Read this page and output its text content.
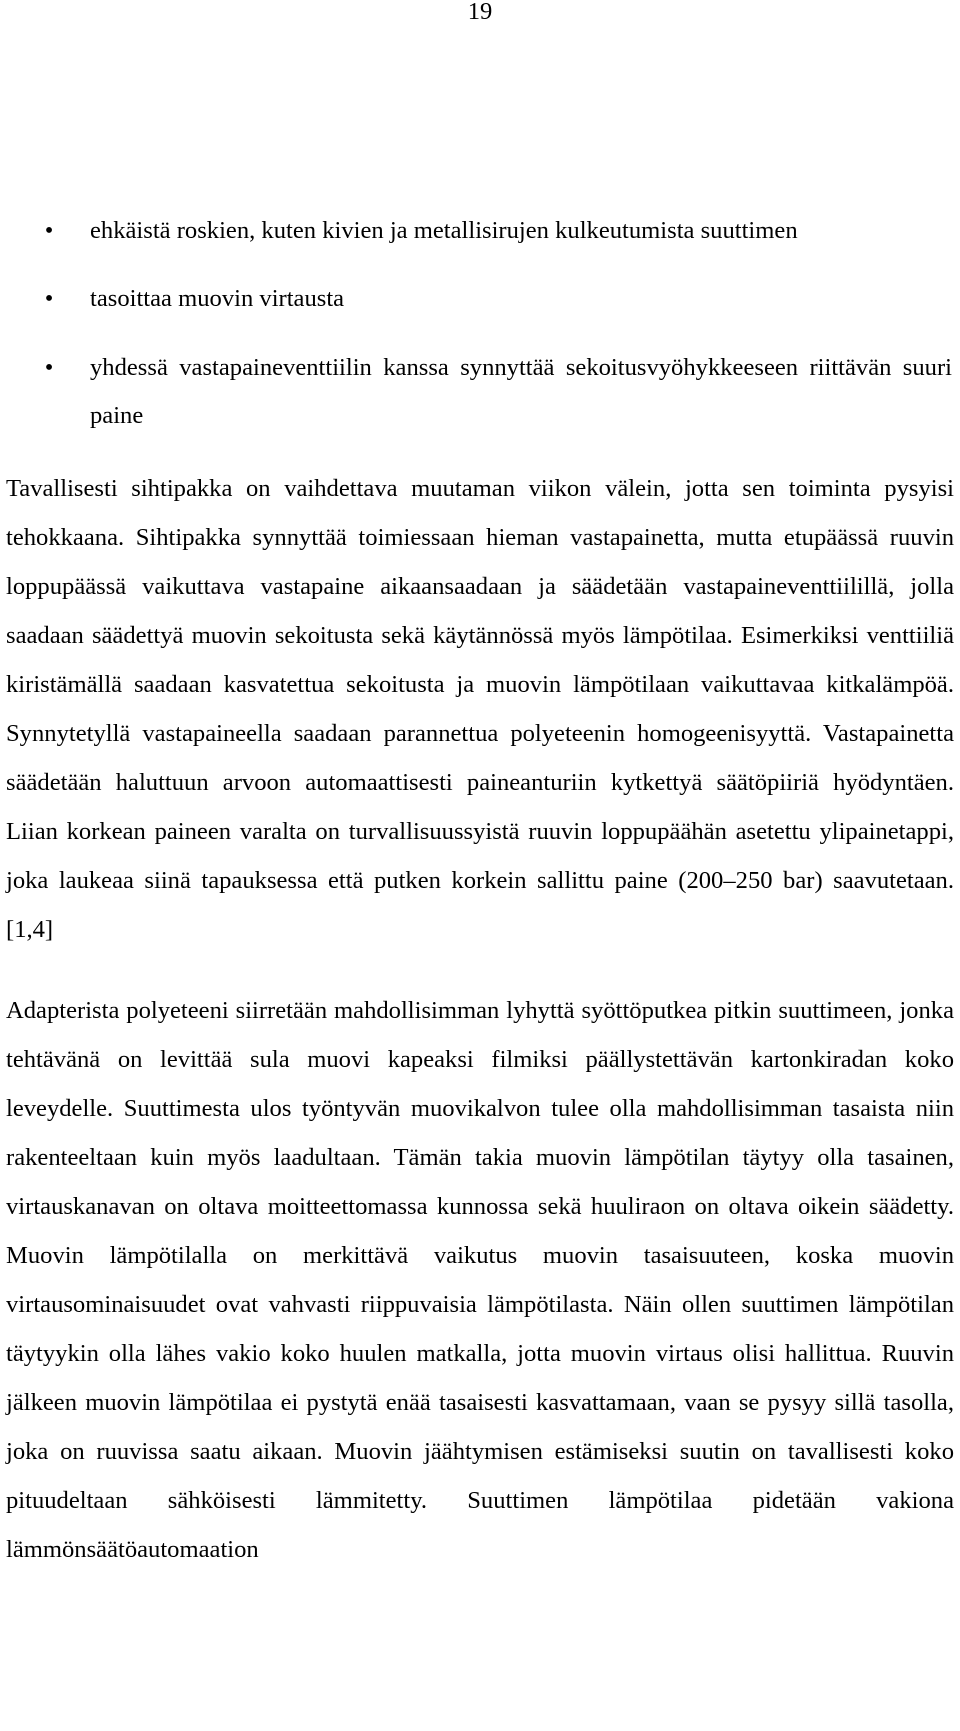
19
• ehkäistä roskien, kuten kivien ja metallisirujen kulkeutumista suuttimen
• tasoittaa muovin virtausta
• yhdessä vastapaineventtiilin kanssa synnyttää sekoitusvyöhykkeeseen riittävän suuri paine

Tavallisesti sihtipakka on vaihdettava muutaman viikon välein, jotta sen toiminta pysyisi tehokkaana. Sihtipakka synnyttää toimiessaan hieman vastapainetta, mutta etupäässä ruuvin loppupäässä vaikuttava vastapaine aikaansaadaan ja säädetään vastapaineventtiilillä, jolla saadaan säädettyä muovin sekoitusta sekä käytännössä myös lämpötilaa. Esimerkiksi venttiiliä kiristämällä saadaan kasvatettua sekoitusta ja muovin lämpötilaan vaikuttavaa kitkalämpöä. Synnytetyllä vastapaineella saadaan parannettua polyeteenin homogeenisyyttä. Vastapainetta säädetään haluttuun arvoon automaattisesti paineanturiin kytkettyä säätöpiiriä hyödyntäen. Liian korkean paineen varalta on turvallisuussyistä ruuvin loppupäähän asetettu ylipainetappi, joka laukeaa siinä tapauksessa että putken korkein sallittu paine (200–250 bar) saavutetaan. [1,4]

Adapterista polyeteeni siirretään mahdollisimman lyhyttä syöttöputkea pitkin suuttimeen, jonka tehtävänä on levittää sula muovi kapeaksi filmiksi päällystettävän kartonkiradan koko leveydelle. Suuttimesta ulos työntyvän muovikalvon tulee olla mahdollisimman tasaista niin rakenteeltaan kuin myös laadultaan. Tämän takia muovin lämpötilan täytyy olla tasainen, virtauskanavan on oltava moitteettomassa kunnossa sekä huuliraon on oltava oikein säädetty. Muovin lämpötilalla on merkittävä vaikutus muovin tasaisuuteen, koska muovin virtausominaisuudet ovat vahvasti riippuvaisia lämpötilasta. Näin ollen suuttimen lämpötilan täytyykin olla lähes vakio koko huulen matkalla, jotta muovin virtaus olisi hallittua. Ruuvin jälkeen muovin lämpötilaa ei pystytä enää tasaisesti kasvattamaan, vaan se pysyy sillä tasolla, joka on ruuvissa saatu aikaan. Muovin jäähtymisen estämiseksi suutin on tavallisesti koko pituudeltaan sähköisesti lämmitetty. Suuttimen lämpötilaa pidetään vakiona lämmönsäätöautomaation
